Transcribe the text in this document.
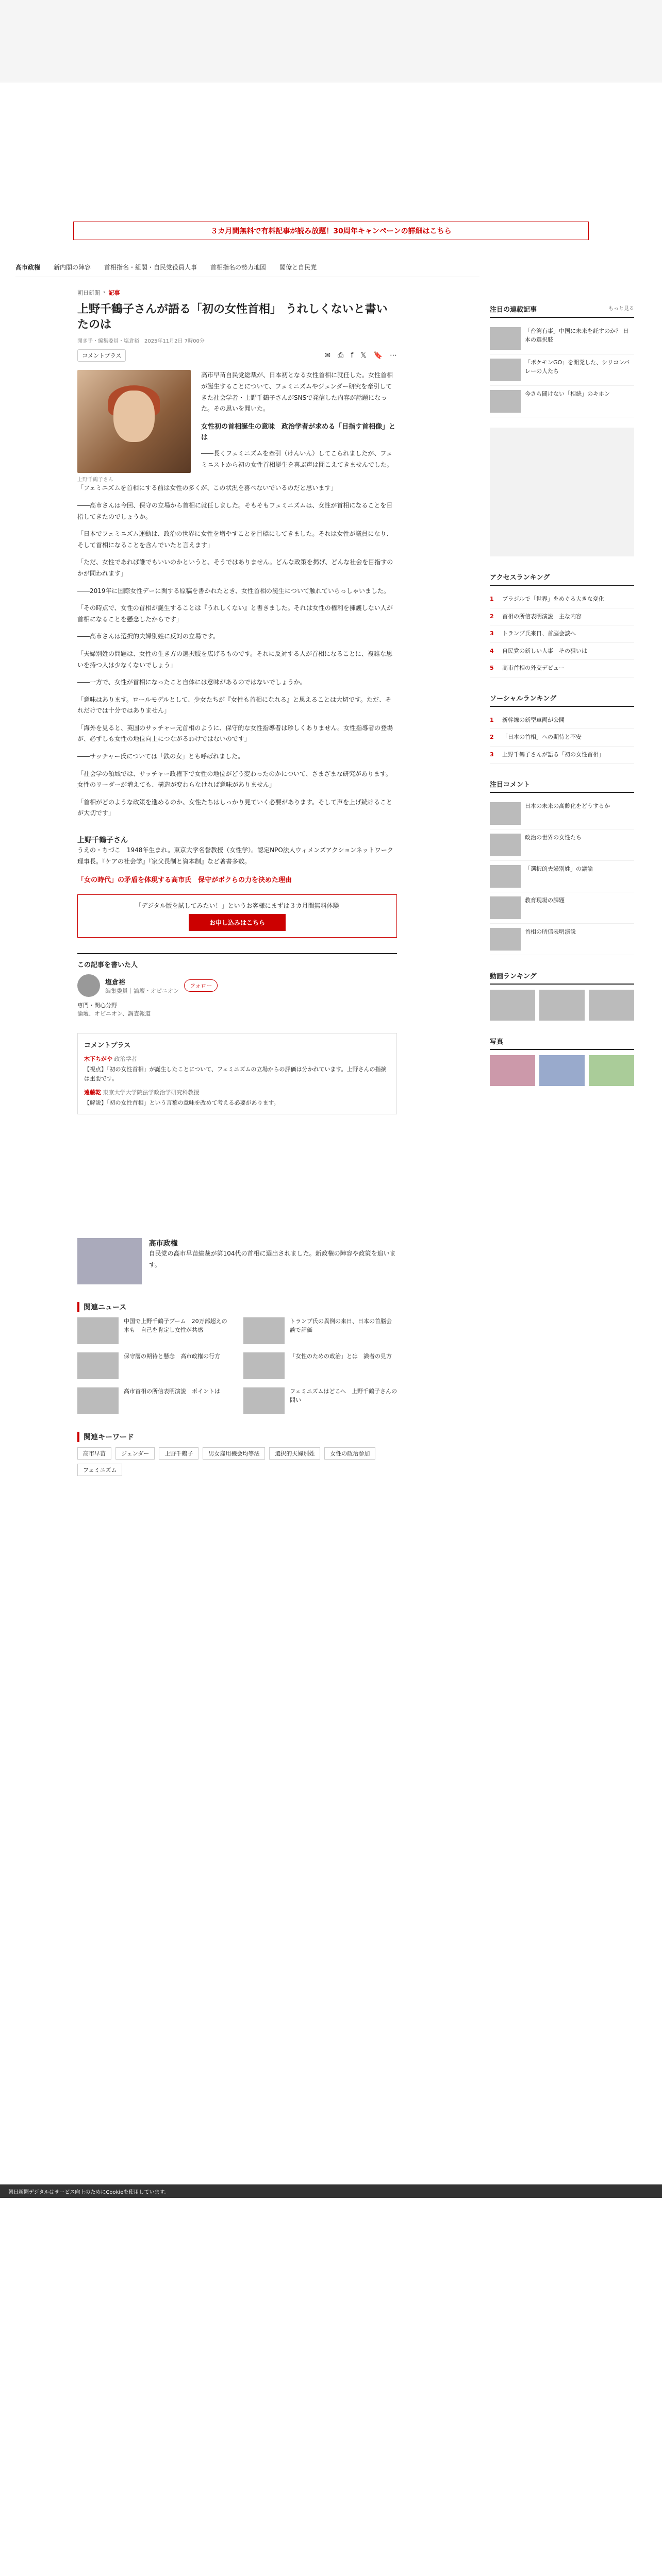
３カ月間無料で有料記事が読み放題！30周年キャンペーンの詳細はこちら
高市政権 新内閣の陣容 首相指名・組閣・自民党役員人事 首相指名の勢力地図 閣僚と自民党
朝日新聞 › 記事
上野千鶴子さんが語る「初の女性首相」 うれしくないと書いたのは
聞き手・編集委員・塩倉裕　2025年11月2日 7時00分
コメントプラス	✉ ⎙ f 𝕏 🔖 ⋯
上野千鶴子さん

高市早苗自民党総裁が、日本初となる女性首相に就任した。女性首相が誕生することについて、フェミニズムやジェンダー研究を牽引してきた社会学者・上野千鶴子さんがSNSで発信した内容が話題になった。その思いを聞いた。

女性初の首相誕生の意味　政治学者が求める「目指す首相像」とは

――長くフェミニズムを牽引（けんいん）してこられましたが、フェミニストから初の女性首相誕生を喜ぶ声は聞こえてきませんでした。

「フェミニズムを首相にする前は女性の多くが、この状況を喜べないでいるのだと思います」

――高市さんは今回、保守の立場から首相に就任しました。そもそもフェミニズムは、女性が首相になることを目指してきたのでしょうか。

「日本でフェミニズム運動は、政治の世界に女性を増やすことを目標にしてきました。それは女性が議員になり、そして首相になることを含んでいたと言えます」

「ただ、女性であれば誰でもいいのかというと、そうではありません。どんな政策を掲げ、どんな社会を目指すのかが問われます」

――2019年に国際女性デーに関する原稿を書かれたとき、女性首相の誕生について触れていらっしゃいました。

「その時点で、女性の首相が誕生することは『うれしくない』と書きました。それは女性の権利を擁護しない人が首相になることを懸念したからです」

――高市さんは選択的夫婦別姓に反対の立場です。

「夫婦別姓の問題は、女性の生き方の選択肢を広げるものです。それに反対する人が首相になることに、複雑な思いを持つ人は少なくないでしょう」

――一方で、女性が首相になったこと自体には意味があるのではないでしょうか。

「意味はあります。ロールモデルとして、少女たちが『女性も首相になれる』と思えることは大切です。ただ、それだけでは十分ではありません」

「海外を見ると、英国のサッチャー元首相のように、保守的な女性指導者は珍しくありません。女性指導者の登場が、必ずしも女性の地位向上につながるわけではないのです」

――サッチャー氏については「鉄の女」とも呼ばれました。

「社会学の領域では、サッチャー政権下で女性の地位がどう変わったのかについて、さまざまな研究があります。女性のリーダーが増えても、構造が変わらなければ意味がありません」

「首相がどのような政策を進めるのか、女性たちはしっかり見ていく必要があります。そして声を上げ続けることが大切です」

上野千鶴子さん

うえの・ちづこ　1948年生まれ。東京大学名誉教授（女性学）。認定NPO法人ウィメンズアクションネットワーク理事長。『ケアの社会学』『家父長制と資本制』など著書多数。

「女の時代」の矛盾を体現する高市氏　保守がボクらの力を決めた理由
「デジタル版を試してみたい！」というお客様にまずは３カ月間無料体験
お申し込みはこちら
この記事を書いた人
塩倉裕
編集委員｜論壇・オピニオン
フォロー
専門・関心分野
論壇、オピニオン、調査報道
コメントプラス
木下ちがや 政治学者

【視点】「初の女性首相」が誕生したことについて、フェミニズムの立場からの評価は分かれています。上野さんの指摘は重要です。

遠藤乾 東京大学大学院法学政治学研究科教授

【解説】「初の女性首相」という言葉の意味を改めて考える必要があります。

高市政権

自民党の高市早苗総裁が第104代の首相に選出されました。新政権の陣容や政策を追います。

関連ニュース
中国で上野千鶴子ブーム　20万部超えの本も　自己を肯定し女性が共感
トランプ氏の異例の来日、日本の首脳会談で評価
保守層の期待と懸念　高市政権の行方	「女性のための政治」とは　識者の見方
高市首相の所信表明演説　ポイントは	フェミニズムはどこへ　上野千鶴子さんの問い
関連キーワード
高市早苗	ジェンダー	上野千鶴子	男女雇用機会均等法	選択的夫婦別姓	女性の政治参加
フェミニズム
注目の連載記事	もっと見る
「台湾有事」中国に未来を託すのか？ 日本の選択肢
「ポケモンGO」を開発した、シリコンバレーの人たち
今さら聞けない「相続」のキホン
アクセスランキング
1	ブラジルで「世界」をめぐる大きな変化
2	首相の所信表明演説　主な内容
3	トランプ氏来日、首脳会談へ
4	自民党の新しい人事　その狙いは
5	高市首相の外交デビュー
ソーシャルランキング
1	新幹線の新型車両が公開
2	「日本の首相」への期待と不安
3	上野千鶴子さんが語る「初の女性首相」
注目コメント
日本の未来の高齢化をどうするか
政治の世界の女性たち
「選択的夫婦別姓」の議論
教育現場の課題
首相の所信表明演説
動画ランキング
写真
朝日新聞デジタルはサービス向上のためにCookieを使用しています。
